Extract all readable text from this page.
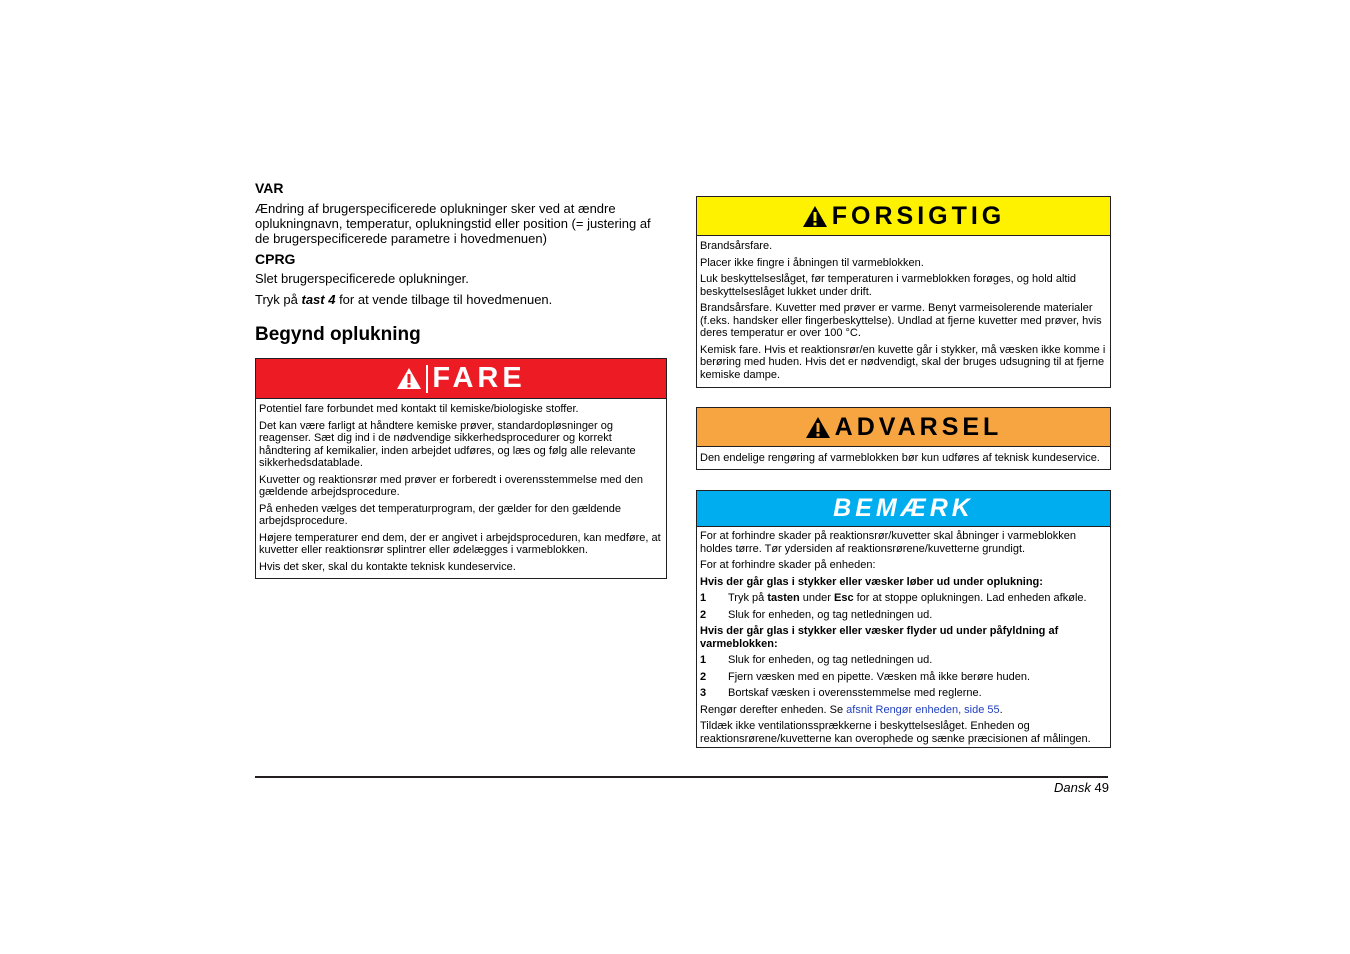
VAR
Ændring af brugerspecificerede oplukninger sker ved at ændre oplukningnavn, temperatur, oplukningstid eller position (= justering af de brugerspecificerede parametre i hovedmenuen)
CPRG
Slet brugerspecificerede oplukninger.
Tryk på tast 4 for at vende tilbage til hovedmenuen.
Begynd oplukning
FARE

Potentiel fare forbundet med kontakt til kemiske/biologiske stoffer.

Det kan være farligt at håndtere kemiske prøver, standardopløsninger og reagenser. Sæt dig ind i de nødvendige sikkerhedsprocedurer og korrekt håndtering af kemikalier, inden arbejdet udføres, og læs og følg alle relevante sikkerhedsdatablade.

Kuvetter og reaktionsrør med prøver er forberedt i overensstemmelse med den gældende arbejdsprocedure.

På enheden vælges det temperaturprogram, der gælder for den gældende arbejdsprocedure.

Højere temperaturer end dem, der er angivet i arbejdsproceduren, kan medføre, at kuvetter eller reaktionsrør splintrer eller ødelægges i varmeblokken.

Hvis det sker, skal du kontakte teknisk kundeservice.

FORSIGTIG

Brandsårsfare.

Placer ikke fingre i åbningen til varmeblokken.

Luk beskyttelseslåget, før temperaturen i varmeblokken forøges, og hold altid beskyttelseslåget lukket under drift.

Brandsårsfare. Kuvetter med prøver er varme. Benyt varmeisolerende materialer (f.eks. handsker eller fingerbeskyttelse). Undlad at fjerne kuvetter med prøver, hvis deres temperatur er over 100 °C.

Kemisk fare. Hvis et reaktionsrør/en kuvette går i stykker, må væsken ikke komme i berøring med huden. Hvis det er nødvendigt, skal der bruges udsugning til at fjerne kemiske dampe.

ADVARSEL

Den endelige rengøring af varmeblokken bør kun udføres af teknisk kundeservice.

BEMÆRK

For at forhindre skader på reaktionsrør/kuvetter skal åbninger i varmeblokken holdes tørre. Tør ydersiden af reaktionsrørene/kuvetterne grundigt.

For at forhindre skader på enheden:

Hvis der går glas i stykker eller væsker løber ud under oplukning:

1	Tryk på tasten under Esc for at stoppe oplukningen. Lad enheden afkøle.
2	Sluk for enheden, og tag netledningen ud.

Hvis der går glas i stykker eller væsker flyder ud under påfyldning af varmeblokken:

1	Sluk for enheden, og tag netledningen ud.
2	Fjern væsken med en pipette. Væsken må ikke berøre huden.
3	Bortskaf væsken i overensstemmelse med reglerne.

Rengør derefter enheden. Se afsnit Rengør enheden, side 55.

Tildæk ikke ventilationssprækkerne i beskyttelseslåget. Enheden og reaktionsrørene/kuvetterne kan overophede og sænke præcisionen af målingen.

Dansk 49
